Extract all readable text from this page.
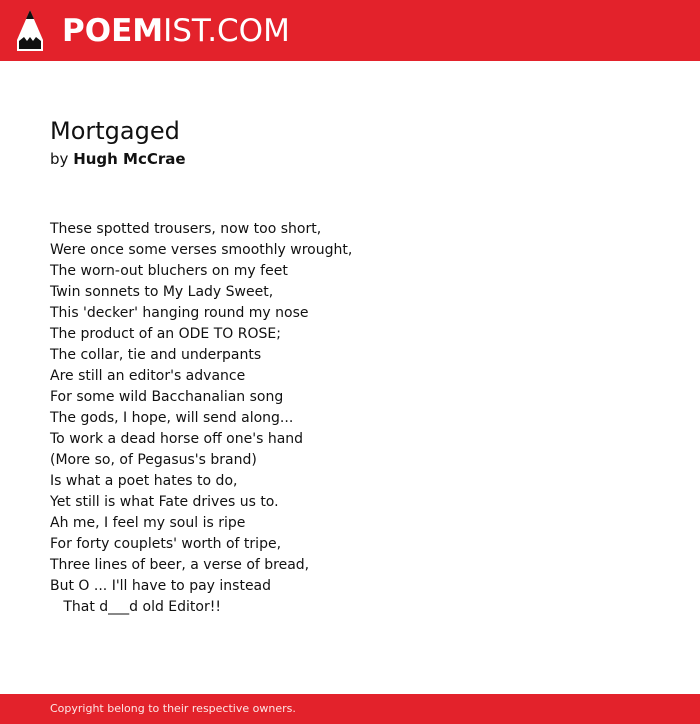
POEMIST.COM
Mortgaged
by Hugh McCrae
These spotted trousers, now too short,
Were once some verses smoothly wrought,
The worn-out bluchers on my feet
Twin sonnets to My Lady Sweet,
This 'decker' hanging round my nose
The product of an ODE TO ROSE;
The collar, tie and underpants
Are still an editor's advance
For some wild Bacchanalian song
The gods, I hope, will send along...
To work a dead horse off one's hand
(More so, of Pegasus's brand)
Is what a poet hates to do,
Yet still is what Fate drives us to.
Ah me, I feel my soul is ripe
For forty couplets' worth of tripe,
Three lines of beer, a verse of bread,
But O ... I'll have to pay instead
That d___d old Editor!!
Copyright belong to their respective owners.
